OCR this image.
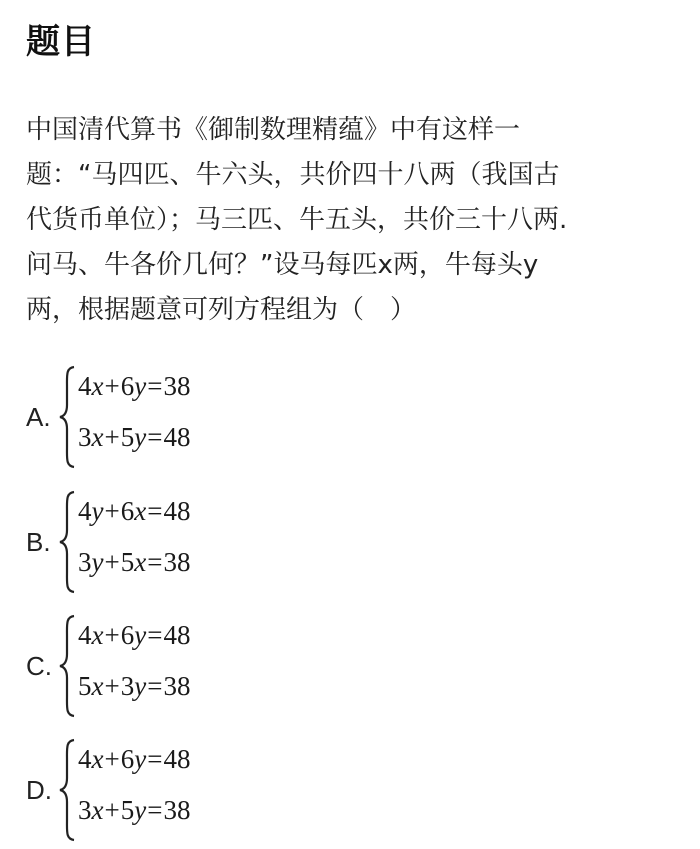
题目
中国清代算书《御制数理精蕴》中有这样一
题：“马四匹、牛六头，共价四十八两（我国古
代货币单位）；马三匹、牛五头，共价三十八两.
问马、牛各价几何？”设马每匹x两，牛每头y
两，根据题意可列方程组为（　）
A.
4x+6y=38
3x+5y=48
B.
4y+6x=48
3y+5x=38
C.
4x+6y=48
5x+3y=38
D.
4x+6y=48
3x+5y=38
